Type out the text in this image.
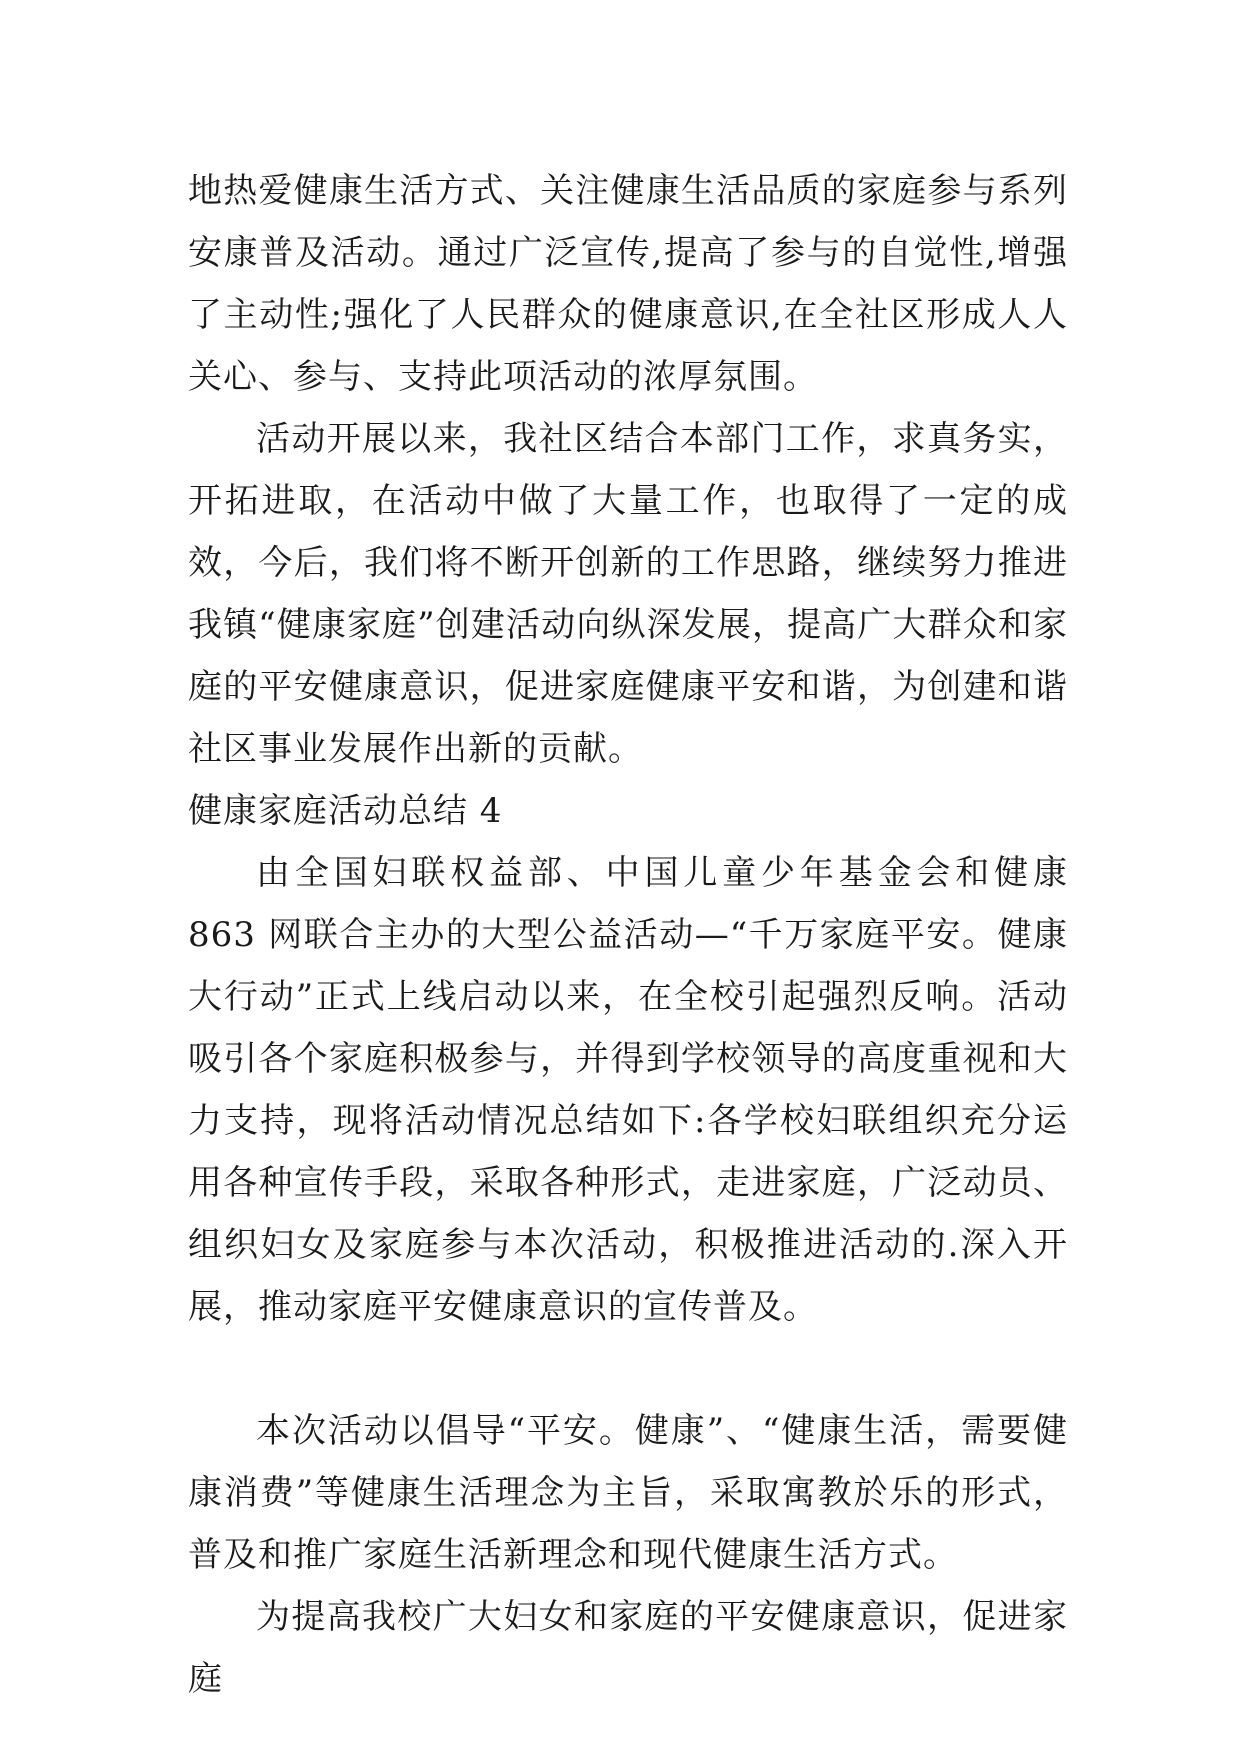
地热爱健康生活方式、关注健康生活品质的家庭参与系列安康普及活动。通过广泛宣传,提高了参与的自觉性,增强了主动性;强化了人民群众的健康意识,在全社区形成人人关心、参与、支持此项活动的浓厚氛围。

活动开展以来，我社区结合本部门工作，求真务实，开拓进取，在活动中做了大量工作，也取得了一定的成效，今后，我们将不断开创新的工作思路，继续努力推进我镇“健康家庭”创建活动向纵深发展，提高广大群众和家庭的平安健康意识，促进家庭健康平安和谐，为创建和谐社区事业发展作出新的贡献。

健康家庭活动总结 4

由全国妇联权益部、中国儿童少年基金会和健康 863 网联合主办的大型公益活动—“千万家庭平安。健康大行动”正式上线启动以来，在全校引起强烈反响。活动吸引各个家庭积极参与，并得到学校领导的高度重视和大力支持，现将活动情况总结如下:各学校妇联组织充分运用各种宣传手段，采取各种形式，走进家庭，广泛动员、组织妇女及家庭参与本次活动，积极推进活动的.深入开展，推动家庭平安健康意识的宣传普及。

本次活动以倡导“平安。健康”、“健康生活，需要健康消费”等健康生活理念为主旨，采取寓教於乐的形式，普及和推广家庭生活新理念和现代健康生活方式。

为提高我校广大妇女和家庭的平安健康意识，促进家庭
